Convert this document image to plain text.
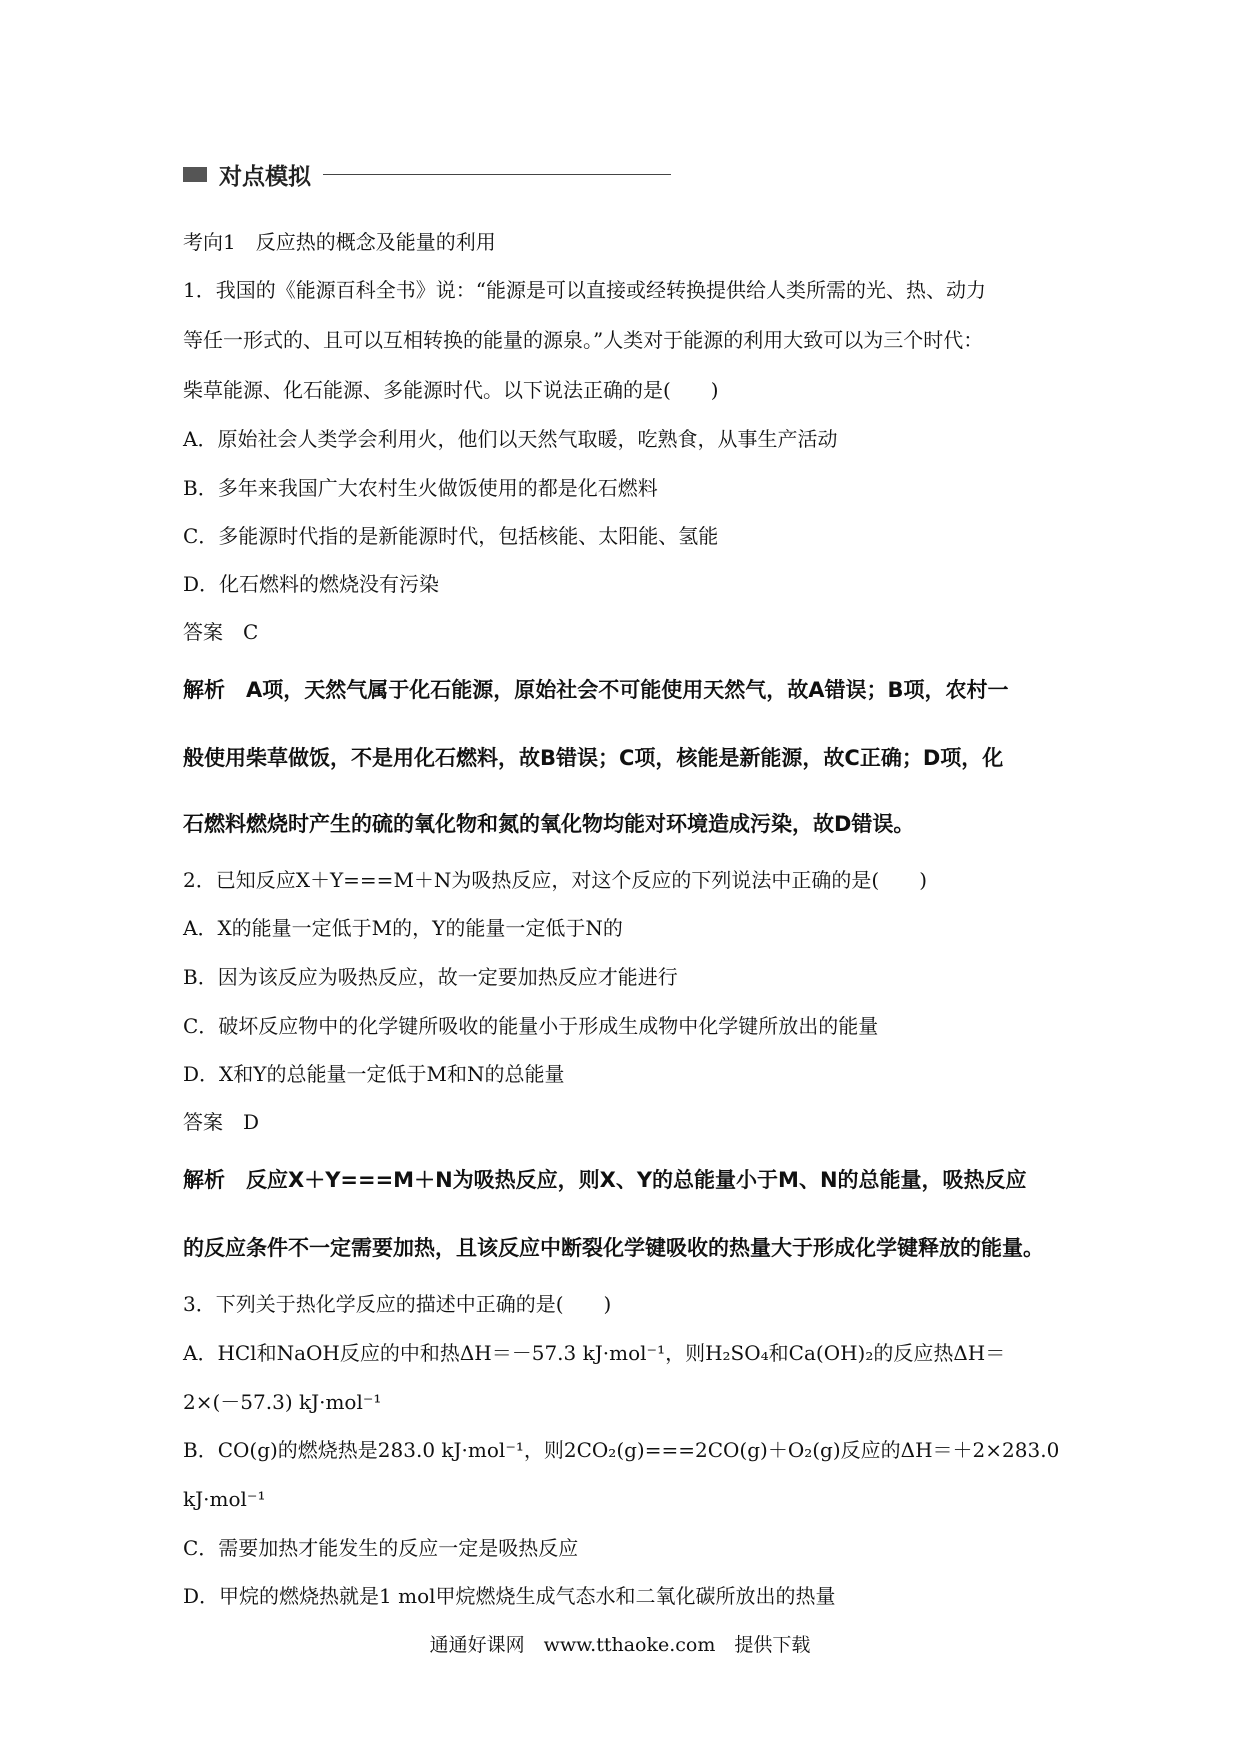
对点模拟
考向1　反应热的概念及能量的利用
1．我国的《能源百科全书》说：“能源是可以直接或经转换提供给人类所需的光、热、动力
等任一形式的、且可以互相转换的能量的源泉。”人类对于能源的利用大致可以为三个时代：
柴草能源、化石能源、多能源时代。以下说法正确的是(　　)
A．原始社会人类学会利用火，他们以天然气取暖，吃熟食，从事生产活动
B．多年来我国广大农村生火做饭使用的都是化石燃料
C．多能源时代指的是新能源时代，包括核能、太阳能、氢能
D．化石燃料的燃烧没有污染
答案　C
解析　A项，天然气属于化石能源，原始社会不可能使用天然气，故A错误；B项，农村一
般使用柴草做饭，不是用化石燃料，故B错误；C项，核能是新能源，故C正确；D项，化
石燃料燃烧时产生的硫的氧化物和氮的氧化物均能对环境造成污染，故D错误。
2．已知反应X＋Y===M＋N为吸热反应，对这个反应的下列说法中正确的是(　　)
A．X的能量一定低于M的，Y的能量一定低于N的
B．因为该反应为吸热反应，故一定要加热反应才能进行
C．破坏反应物中的化学键所吸收的能量小于形成生成物中化学键所放出的能量
D．X和Y的总能量一定低于M和N的总能量
答案　D
解析　反应X＋Y===M＋N为吸热反应，则X、Y的总能量小于M、N的总能量，吸热反应
的反应条件不一定需要加热，且该反应中断裂化学键吸收的热量大于形成化学键释放的能量。
3．下列关于热化学反应的描述中正确的是(　　)
A．HCl和NaOH反应的中和热ΔH＝－57.3 kJ·mol⁻¹，则H₂SO₄和Ca(OH)₂的反应热ΔH＝
2×(－57.3) kJ·mol⁻¹
B．CO(g)的燃烧热是283.0 kJ·mol⁻¹，则2CO₂(g)===2CO(g)＋O₂(g)反应的ΔH＝＋2×283.0
kJ·mol⁻¹
C．需要加热才能发生的反应一定是吸热反应
D．甲烷的燃烧热就是1 mol甲烷燃烧生成气态水和二氧化碳所放出的热量
通通好课网　www.tthaoke.com　提供下载
